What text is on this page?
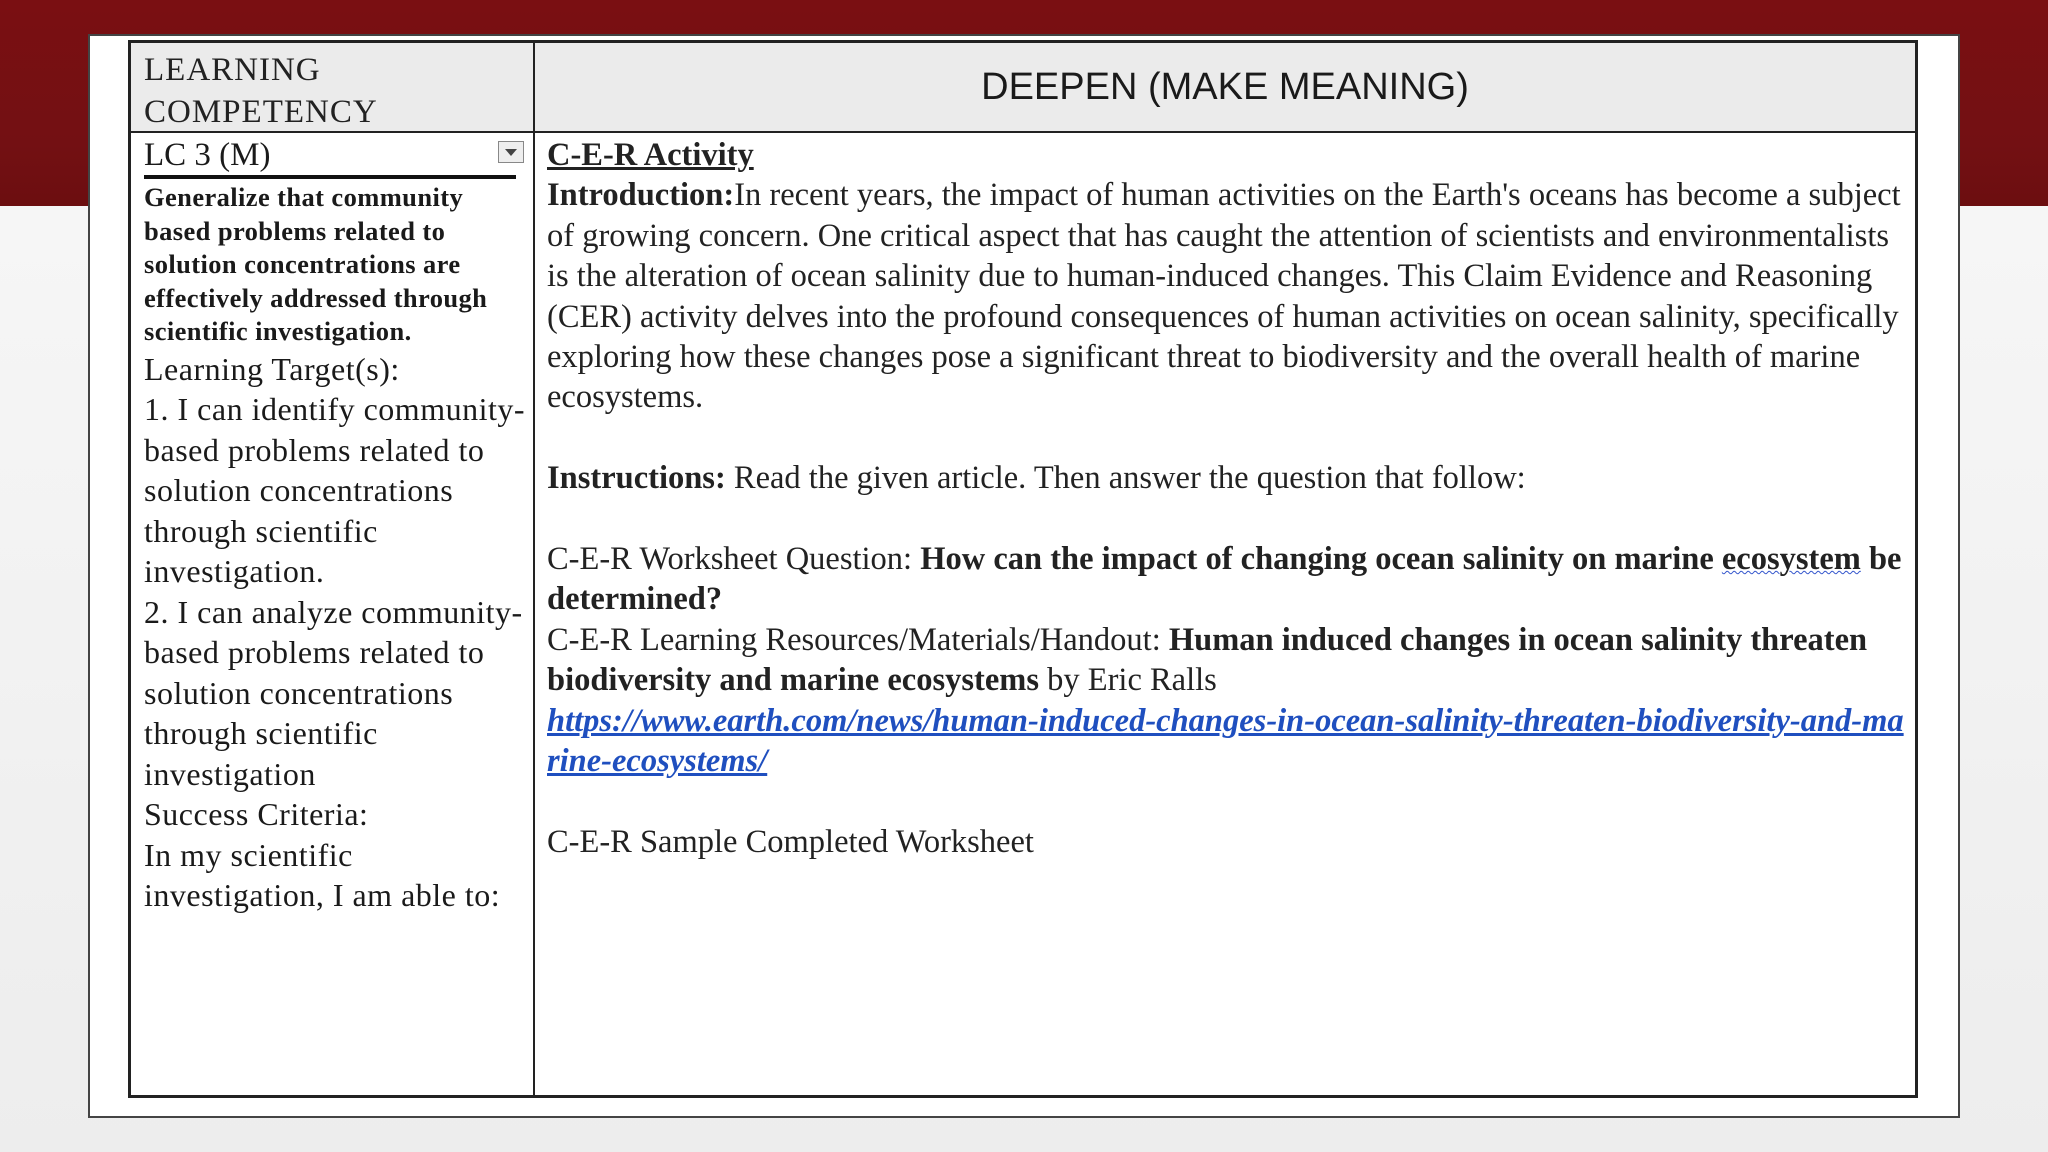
LEARNING COMPETENCY
DEEPEN (MAKE MEANING)
LC 3 (M)
Generalize that community based problems related to solution concentrations are effectively addressed through scientific investigation.
Learning Target(s):
1. I can identify community-based problems related to solution concentrations through scientific investigation.
2. I can analyze community-based problems related to solution concentrations through scientific investigation
Success Criteria:
In my scientific investigation, I am able to:

C-E-R Activity

Introduction:In recent years, the impact of human activities on the Earth's oceans has become a subject of growing concern. One critical aspect that has caught the attention of scientists and environmentalists is the alteration of ocean salinity due to human-induced changes. This Claim Evidence and Reasoning (CER) activity delves into the profound consequences of human activities on ocean salinity, specifically exploring how these changes pose a significant threat to biodiversity and the overall health of marine ecosystems.

Instructions: Read the given article. Then answer the question that follow:

C-E-R Worksheet Question: How can the impact of changing ocean salinity on marine ecosystem be determined?

C-E-R Learning Resources/Materials/Handout: Human induced changes in ocean salinity threaten biodiversity and marine ecosystems by Eric Ralls

https://www.earth.com/news/human-induced-changes-in-ocean-salinity-threaten-biodiversity-and-marine-ecosystems/

C-E-R Sample Completed Worksheet
